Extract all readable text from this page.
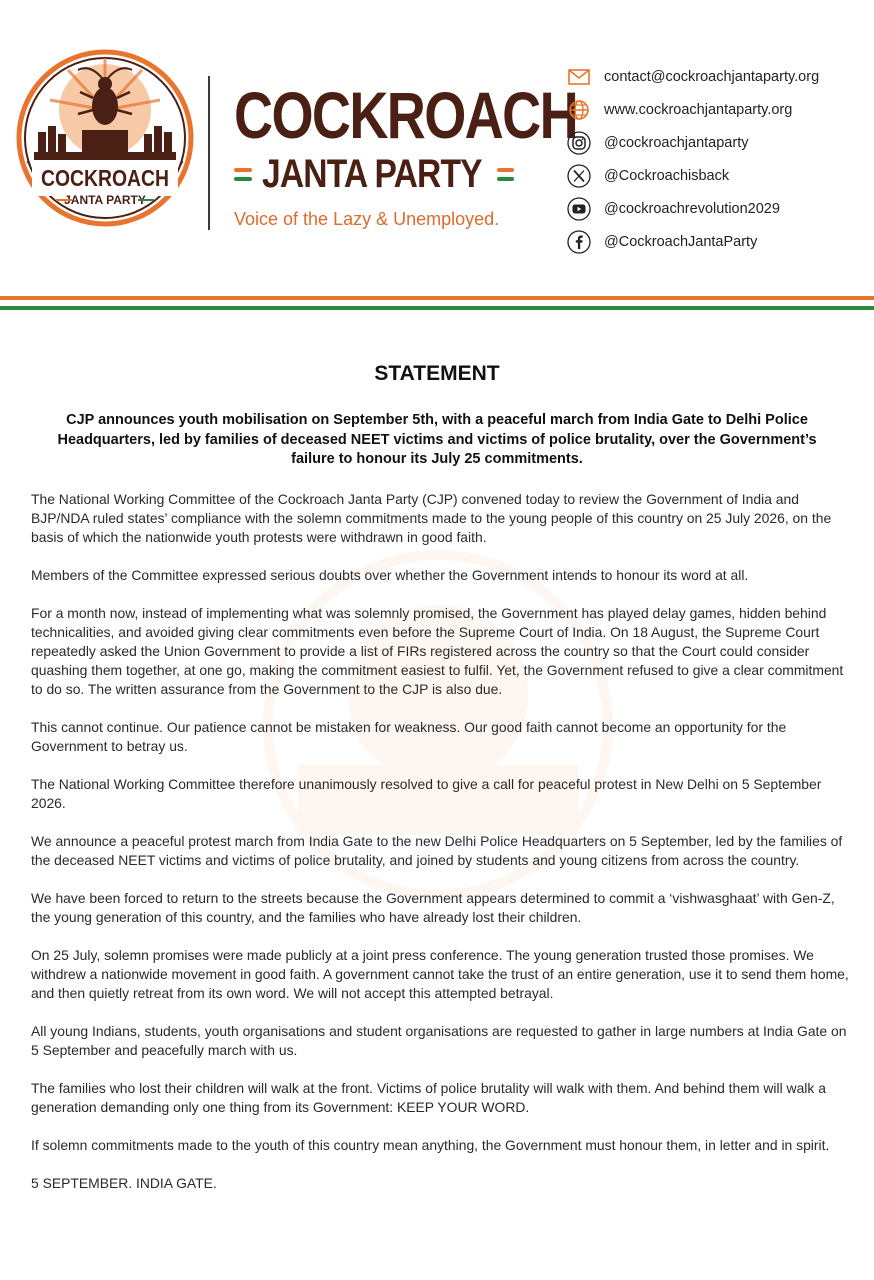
COCKROACH
JANTA PARTY
COCKROACH
JANTA PARTY
Voice of the Lazy & Unemployed.
contact@cockroachjantaparty.org
www.cockroachjantaparty.org
@cockroachjantaparty
@Cockroachisback
@cockroachrevolution2029
@CockroachJantaParty
STATEMENT
CJP announces youth mobilisation on September 5th, with a peaceful march from India Gate to Delhi Police Headquarters, led by families of deceased NEET victims and victims of police brutality, over the Government’s failure to honour its July 25 commitments.

The National Working Committee of the Cockroach Janta Party (CJP) convened today to review the Government of India and BJP/NDA ruled states’ compliance with the solemn commitments made to the young people of this country on 25 July 2026, on the basis of which the nationwide youth protests were withdrawn in good faith.

Members of the Committee expressed serious doubts over whether the Government intends to honour its word at all.

For a month now, instead of implementing what was solemnly promised, the Government has played delay games, hidden behind technicalities, and avoided giving clear commitments even before the Supreme Court of India. On 18 August, the Supreme Court repeatedly asked the Union Government to provide a list of FIRs registered across the country so that the Court could consider quashing them together, at one go, making the commitment easiest to fulfil. Yet, the Government refused to give a clear commitment to do so. The written assurance from the Government to the CJP is also due.

This cannot continue. Our patience cannot be mistaken for weakness. Our good faith cannot become an opportunity for the Government to betray us.

The National Working Committee therefore unanimously resolved to give a call for peaceful protest in New Delhi on 5 September 2026.

We announce a peaceful protest march from India Gate to the new Delhi Police Headquarters on 5 September, led by the families of the deceased NEET victims and victims of police brutality, and joined by students and young citizens from across the country.

We have been forced to return to the streets because the Government appears determined to commit a ‘vishwasghaat’ with Gen-Z, the young generation of this country, and the families who have already lost their children.

On 25 July, solemn promises were made publicly at a joint press conference. The young generation trusted those promises. We withdrew a nationwide movement in good faith. A government cannot take the trust of an entire generation, use it to send them home, and then quietly retreat from its own word. We will not accept this attempted betrayal.

All young Indians, students, youth organisations and student organisations are requested to gather in large numbers at India Gate on 5 September and peacefully march with us.

The families who lost their children will walk at the front. Victims of police brutality will walk with them. And behind them will walk a generation demanding only one thing from its Government: KEEP YOUR WORD.

If solemn commitments made to the youth of this country mean anything, the Government must honour them, in letter and in spirit.

5 SEPTEMBER. INDIA GATE.
